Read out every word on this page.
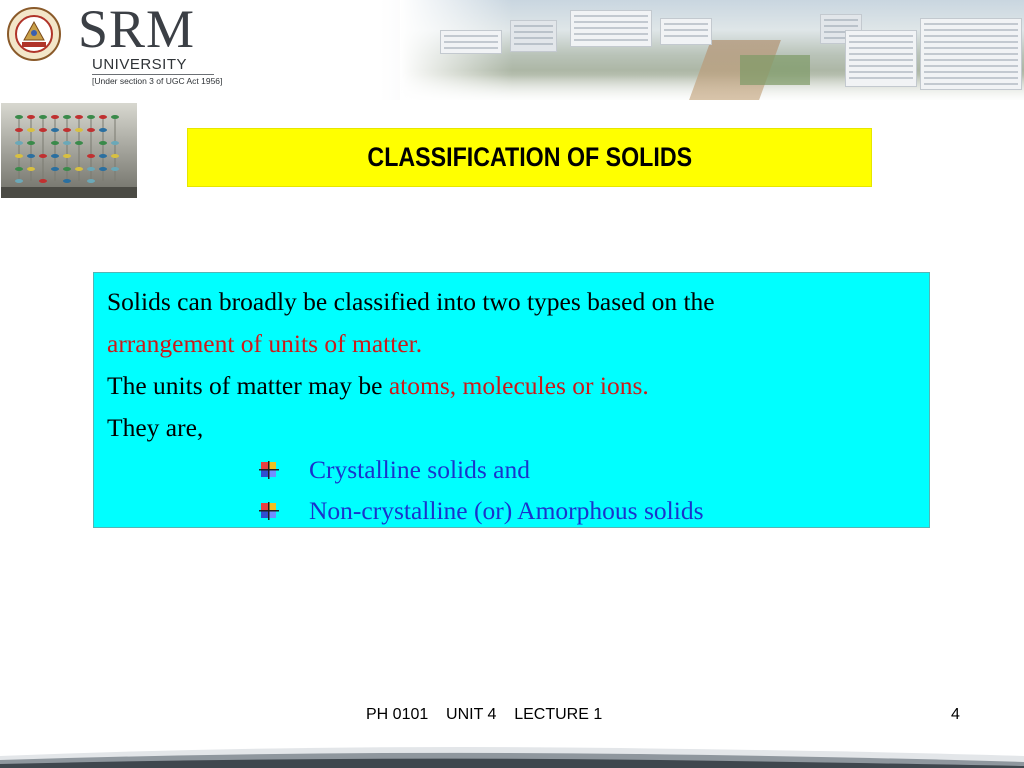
SRM
UNIVERSITY
[Under section 3 of UGC Act 1956]
CLASSIFICATION OF SOLIDS
Solids can broadly be classified into two types based on the
arrangement of units of matter.
The units of matter may be atoms, molecules or ions.
They are,
Crystalline solids and
Non-crystalline (or) Amorphous solids
PH 0101    UNIT 4    LECTURE 1	4
